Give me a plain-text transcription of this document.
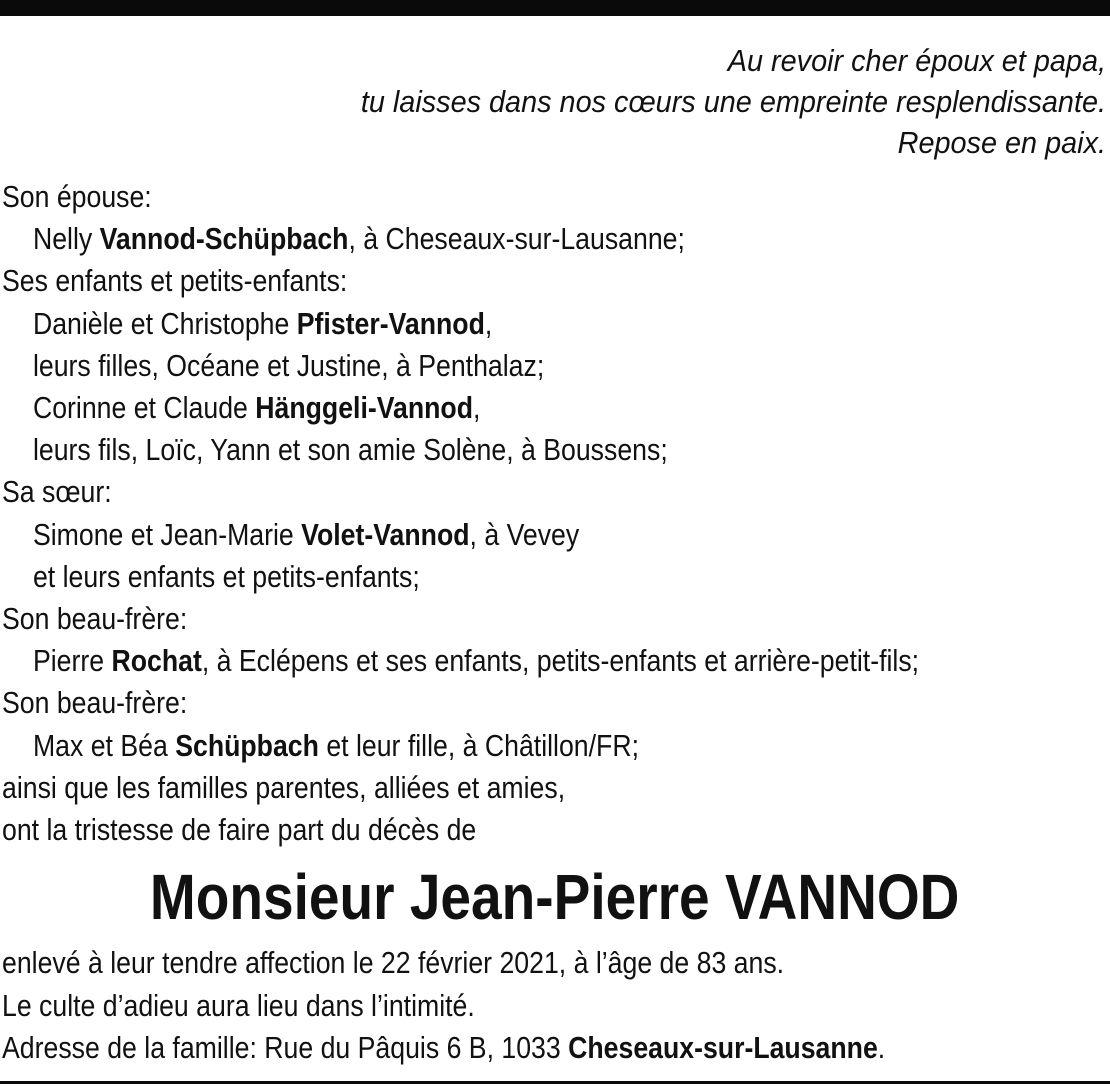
Au revoir cher époux et papa,
tu laisses dans nos cœurs une empreinte resplendissante.
Repose en paix.
Son épouse:
Nelly Vannod-Schüpbach, à Cheseaux-sur-Lausanne;
Ses enfants et petits-enfants:
Danièle et Christophe Pfister-Vannod,
leurs filles, Océane et Justine, à Penthalaz;
Corinne et Claude Hänggeli-Vannod,
leurs fils, Loïc, Yann et son amie Solène, à Boussens;
Sa sœur:
Simone et Jean-Marie Volet-Vannod, à Vevey
et leurs enfants et petits-enfants;
Son beau-frère:
Pierre Rochat, à Eclépens et ses enfants, petits-enfants et arrière-petit-fils;
Son beau-frère:
Max et Béa Schüpbach et leur fille, à Châtillon/FR;
ainsi que les familles parentes, alliées et amies,
ont la tristesse de faire part du décès de
Monsieur Jean-Pierre VANNOD
enlevé à leur tendre affection le 22 février 2021, à l’âge de 83 ans.
Le culte d’adieu aura lieu dans l’intimité.
Adresse de la famille: Rue du Pâquis 6 B, 1033 Cheseaux-sur-Lausanne.
